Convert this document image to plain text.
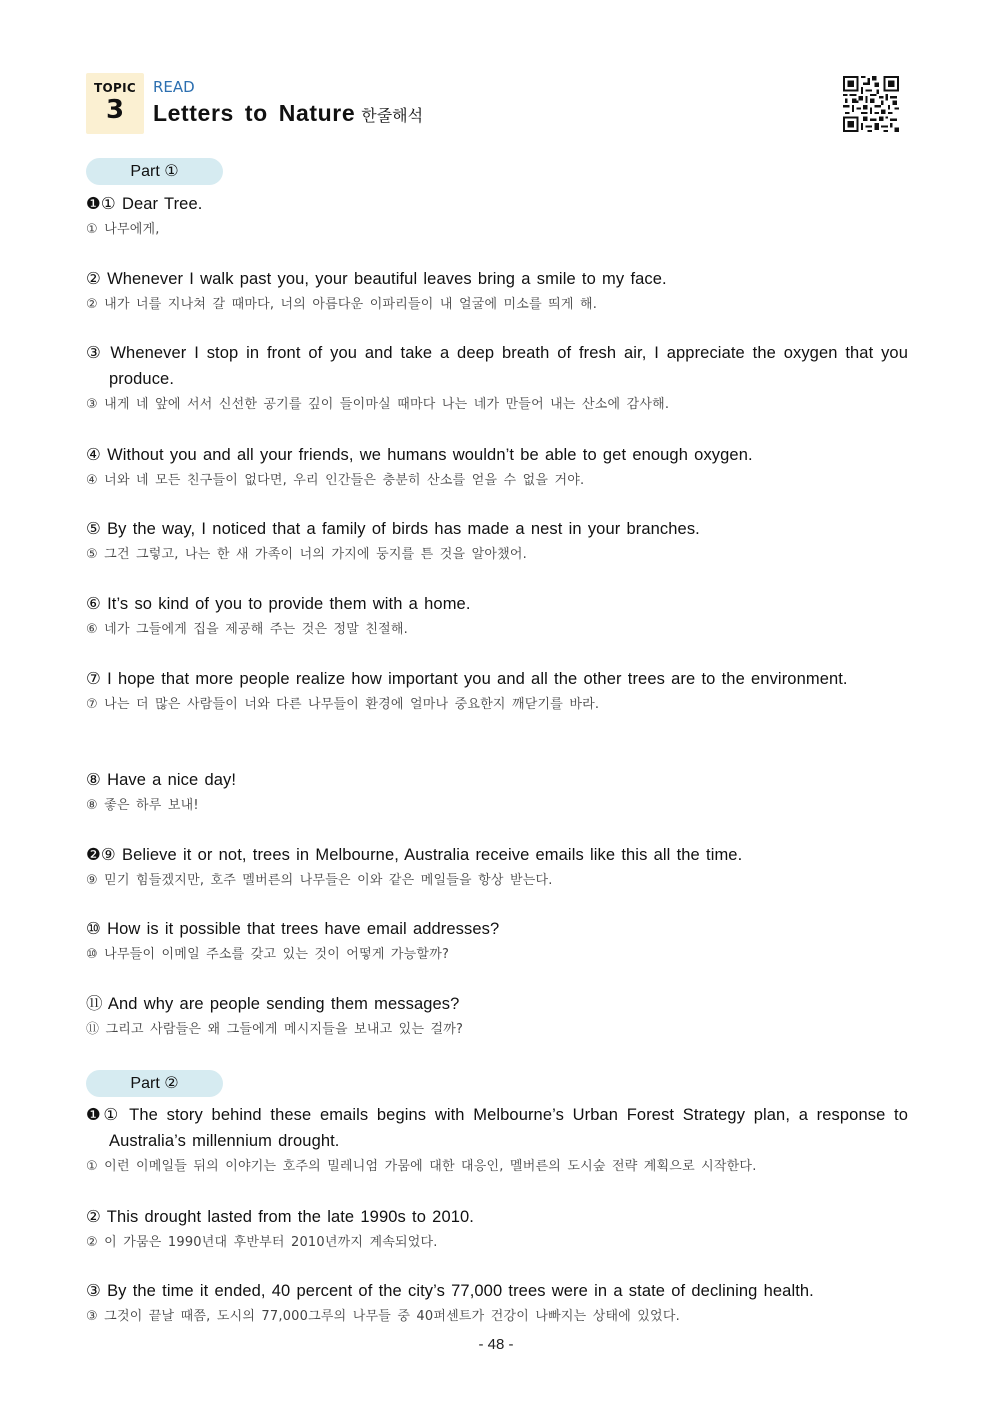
TOPIC
3
READ
Letters to Nature 한줄해석
Part ①
❶① Dear Tree.
① 나무에게,
② Whenever I walk past you, your beautiful leaves bring a smile to my face.
② 내가 너를 지나쳐 갈 때마다, 너의 아름다운 이파리들이 내 얼굴에 미소를 띄게 해.
③ Whenever I stop in front of you and take a deep breath of fresh air, I appreciate the oxygen that you produce.
③ 내게 네 앞에 서서 신선한 공기를 깊이 들이마실 때마다 나는 네가 만들어 내는 산소에 감사해.
④ Without you and all your friends, we humans wouldn’t be able to get enough oxygen.
④ 너와 네 모든 친구들이 없다면, 우리 인간들은 충분히 산소를 얻을 수 없을 거야.
⑤ By the way, I noticed that a family of birds has made a nest in your branches.
⑤ 그건 그렇고, 나는 한 새 가족이 너의 가지에 둥지를 튼 것을 알아챘어.
⑥ It’s so kind of you to provide them with a home.
⑥ 네가 그들에게 집을 제공해 주는 것은 정말 친절해.
⑦ I hope that more people realize how important you and all the other trees are to the environment.
⑦ 나는 더 많은 사람들이 너와 다른 나무들이 환경에 얼마나 중요한지 깨닫기를 바라.
⑧ Have a nice day!
⑧ 좋은 하루 보내!
❷⑨ Believe it or not, trees in Melbourne, Australia receive emails like this all the time.
⑨ 믿기 힘들겠지만, 호주 멜버른의 나무들은 이와 같은 메일들을 항상 받는다.
⑩ How is it possible that trees have email addresses?
⑩ 나무들이 이메일 주소를 갖고 있는 것이 어떻게 가능할까?
⑪ And why are people sending them messages?
⑪ 그리고 사람들은 왜 그들에게 메시지들을 보내고 있는 걸까?
Part ②
❶① The story behind these emails begins with Melbourne’s Urban Forest Strategy plan, a response to Australia’s millennium drought.
① 이런 이메일들 뒤의 이야기는 호주의 밀레니엄 가뭄에 대한 대응인, 멜버른의 도시숲 전략 계획으로 시작한다.
② This drought lasted from the late 1990s to 2010.
② 이 가뭄은 1990년대 후반부터 2010년까지 계속되었다.
③ By the time it ended, 40 percent of the city’s 77,000 trees were in a state of declining health.
③ 그것이 끝날 때쯤, 도시의 77,000그루의 나무들 중 40퍼센트가 건강이 나빠지는 상태에 있었다.
- 48 -
